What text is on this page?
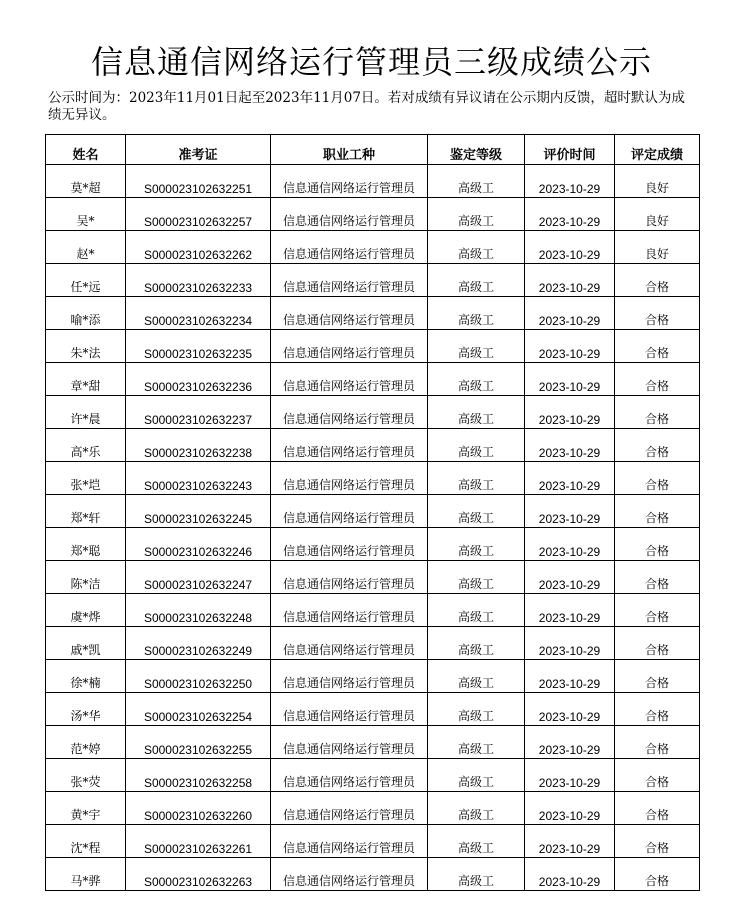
信息通信网络运行管理员三级成绩公示
公示时间为：2023年11月01日起至2023年11月07日。若对成绩有异议请在公示期内反馈，超时默认为成绩无异议。
姓名	准考证	职业工种	鉴定等级	评价时间	评定成绩
莫*超	S000023102632251	信息通信网络运行管理员	高级工	2023-10-29	良好
吴*	S000023102632257	信息通信网络运行管理员	高级工	2023-10-29	良好
赵*	S000023102632262	信息通信网络运行管理员	高级工	2023-10-29	良好
任*远	S000023102632233	信息通信网络运行管理员	高级工	2023-10-29	合格
喻*添	S000023102632234	信息通信网络运行管理员	高级工	2023-10-29	合格
朱*法	S000023102632235	信息通信网络运行管理员	高级工	2023-10-29	合格
章*甜	S000023102632236	信息通信网络运行管理员	高级工	2023-10-29	合格
许*晨	S000023102632237	信息通信网络运行管理员	高级工	2023-10-29	合格
高*乐	S000023102632238	信息通信网络运行管理员	高级工	2023-10-29	合格
张*垲	S000023102632243	信息通信网络运行管理员	高级工	2023-10-29	合格
郑*轩	S000023102632245	信息通信网络运行管理员	高级工	2023-10-29	合格
郑*聪	S000023102632246	信息通信网络运行管理员	高级工	2023-10-29	合格
陈*洁	S000023102632247	信息通信网络运行管理员	高级工	2023-10-29	合格
虞*烨	S000023102632248	信息通信网络运行管理员	高级工	2023-10-29	合格
戚*凯	S000023102632249	信息通信网络运行管理员	高级工	2023-10-29	合格
徐*楠	S000023102632250	信息通信网络运行管理员	高级工	2023-10-29	合格
汤*华	S000023102632254	信息通信网络运行管理员	高级工	2023-10-29	合格
范*婷	S000023102632255	信息通信网络运行管理员	高级工	2023-10-29	合格
张*荧	S000023102632258	信息通信网络运行管理员	高级工	2023-10-29	合格
黄*宇	S000023102632260	信息通信网络运行管理员	高级工	2023-10-29	合格
沈*程	S000023102632261	信息通信网络运行管理员	高级工	2023-10-29	合格
马*骅	S000023102632263	信息通信网络运行管理员	高级工	2023-10-29	合格
